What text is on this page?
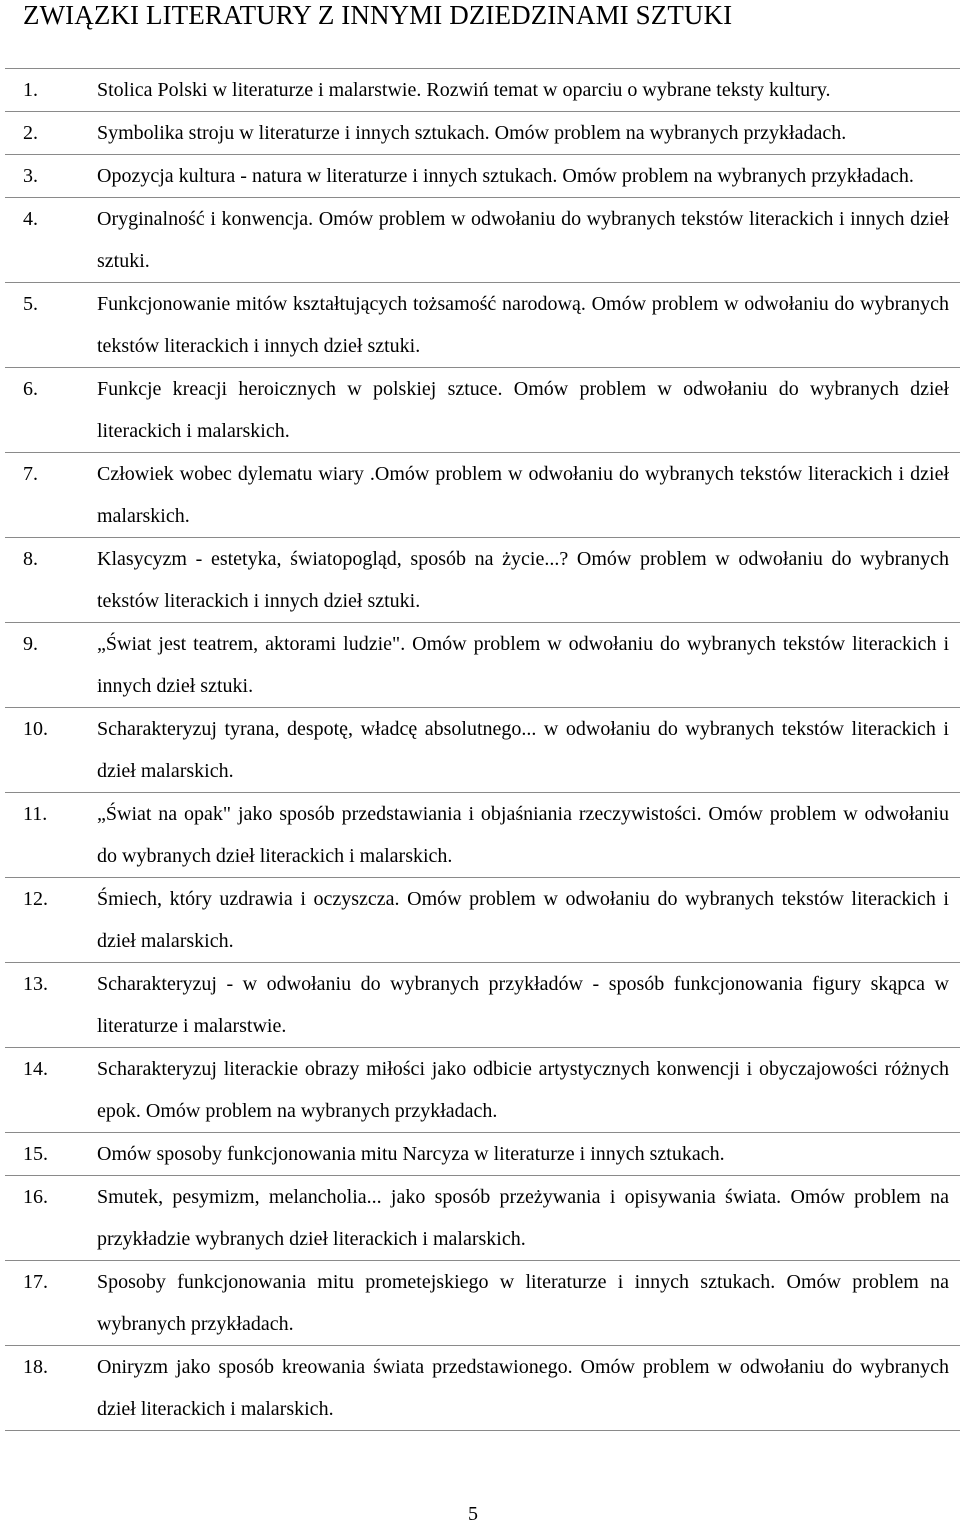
ZWIĄZKI LITERATURY Z INNYMI DZIEDZINAMI SZTUKI
1.	Stolica Polski w literaturze i malarstwie. Rozwiń temat w oparciu o wybrane teksty kultury.
2.	Symbolika stroju w literaturze i innych sztukach. Omów problem na wybranych przykładach.
3.	Opozycja kultura - natura w literaturze i innych sztukach. Omów problem na wybranych przykładach.
4.	Oryginalność i konwencja. Omów problem w odwołaniu do wybranych tekstów literackich i innych dzieł sztuki.
5.	Funkcjonowanie mitów kształtujących tożsamość narodową. Omów problem w odwołaniu do wybranych tekstów literackich i innych dzieł sztuki.
6.	Funkcje kreacji heroicznych w polskiej sztuce. Omów problem w odwołaniu do wybranych dzieł literackich i malarskich.
7.	Człowiek wobec dylematu wiary .Omów problem w odwołaniu do wybranych tekstów literackich i dzieł malarskich.
8.	Klasycyzm - estetyka, światopogląd, sposób na życie...? Omów problem w odwołaniu do wybranych tekstów literackich i innych dzieł sztuki.
9.	„Świat jest teatrem, aktorami ludzie". Omów problem w odwołaniu do wybranych tekstów literackich i innych dzieł sztuki.
10.	Scharakteryzuj tyrana, despotę, władcę absolutnego... w odwołaniu do wybranych tekstów literackich i dzieł malarskich.
11.	„Świat na opak" jako sposób przedstawiania i objaśniania rzeczywistości. Omów problem w odwołaniu do wybranych dzieł literackich i malarskich.
12.	Śmiech, który uzdrawia i oczyszcza. Omów problem w odwołaniu do wybranych tekstów literackich i dzieł malarskich.
13.	Scharakteryzuj - w odwołaniu do wybranych przykładów - sposób funkcjonowania figury skąpca w literaturze i malarstwie.
14.	Scharakteryzuj literackie obrazy miłości jako odbicie artystycznych konwencji i obyczajowości różnych epok. Omów problem na wybranych przykładach.
15.	Omów sposoby funkcjonowania mitu Narcyza w literaturze i innych sztukach.
16.	Smutek, pesymizm, melancholia... jako sposób przeżywania i opisywania świata. Omów problem na przykładzie wybranych dzieł literackich i malarskich.
17.	Sposoby funkcjonowania mitu prometejskiego w literaturze i innych sztukach. Omów problem na wybranych przykładach.
18.	Oniryzm jako sposób kreowania świata przedstawionego. Omów problem w odwołaniu do wybranych dzieł literackich i malarskich.
5
